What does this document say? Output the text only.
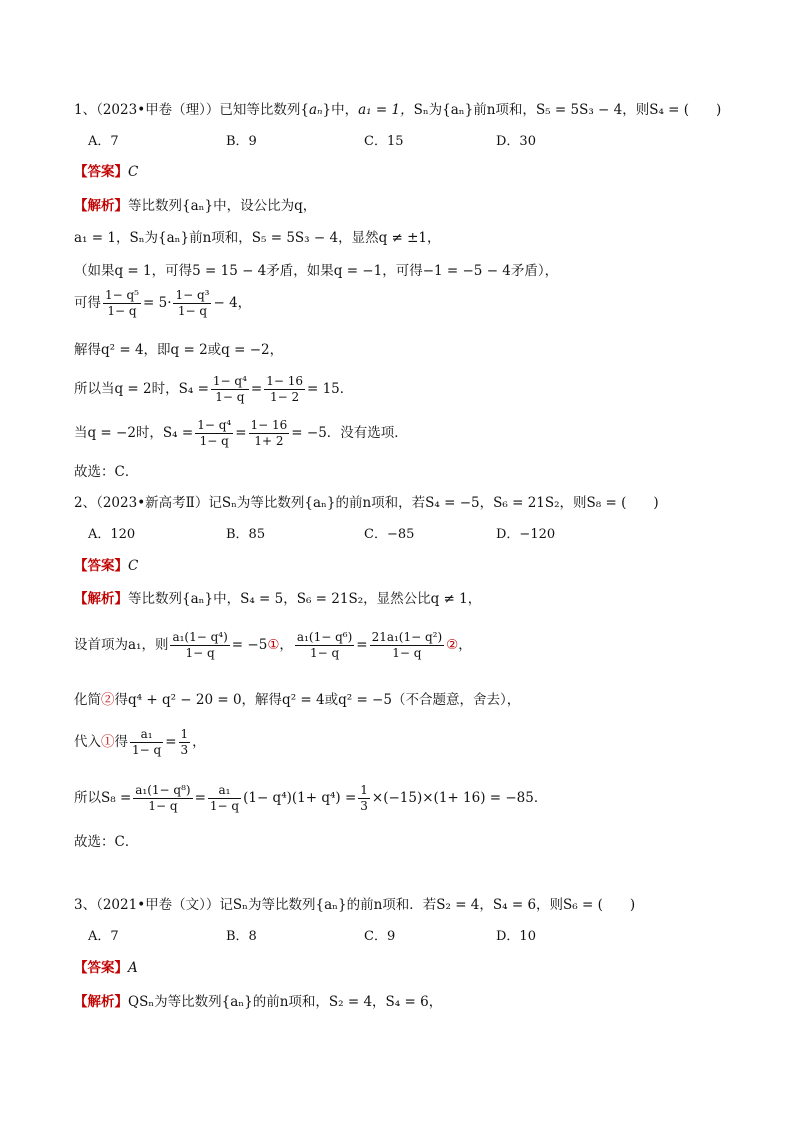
1、（2023•甲卷（理））已知等比数列{aₙ}中，a₁ = 1，Sₙ为{aₙ}前n项和，S₅ = 5S₃ − 4，则S₄ = (　　)
A．7	B．9	C．15	D．30
【答案】C
【解析】等比数列{aₙ}中，设公比为q，
a₁ = 1，Sₙ为{aₙ}前n项和，S₅ = 5S₃ − 4，显然q ≠ ±1，
（如果q = 1，可得5 = 15 − 4矛盾，如果q = −1，可得−1 = −5 − 4矛盾），
可得 $\frac{\text{1− q⁵}}{1- q} = 5\cdot \frac{\text{1− q³}}{1- q} - 4$，
解得q² = 4，即q = 2或q = −2，
所以当q = 2时，$S_4 = \frac{\text{1− q⁴}}{1- q} = \frac{1- 16}{1- 2} = 15$．
当q = −2时，$S_4 = \frac{\text{1− q⁴}}{1- q} = \frac{1- 16}{1+ 2} = -5$．没有选项．
故选：C．
2、（2023•新高考Ⅱ）记Sₙ为等比数列{aₙ}的前n项和，若S₄ = −5，S₆ = 21S₂，则S₈ = (　　)
A．120	B．85	C．−85	D．−120
【答案】C
【解析】等比数列{aₙ}中，S₄ = 5，S₆ = 21S₂，显然公比q ≠ 1，
设首项为a₁，则 $\frac{\text{a₁(1− q⁴)}}{1- q}$ = −5①， $\frac{\text{a₁(1− q⁶)}}{1- q} = \frac{\text{21a₁(1− q²)}}{1- q}$ ②，
化简②得q⁴ + q² − 20 = 0，解得q² = 4或q² = −5（不合题意，舍去），
代入①得 $\frac{\text{a₁}}{1- q} = \frac{1}{3}$ ，
所以$S_8 = \frac{\text{a₁(1− q⁸)}}{1- q} = \frac{\text{a₁}}{1- q} (1- q^4)(1+ q^4) = \frac{1}{3} \times(-15)\times(1+ 16) = -85$．
故选：C．
3、（2021•甲卷（文））记Sₙ为等比数列{aₙ}的前n项和．若S₂ = 4，S₄ = 6，则S₆ = (　　)
A．7	B．8	C．9	D．10
【答案】A
【解析】QSₙ为等比数列{aₙ}的前n项和，S₂ = 4，S₄ = 6，
